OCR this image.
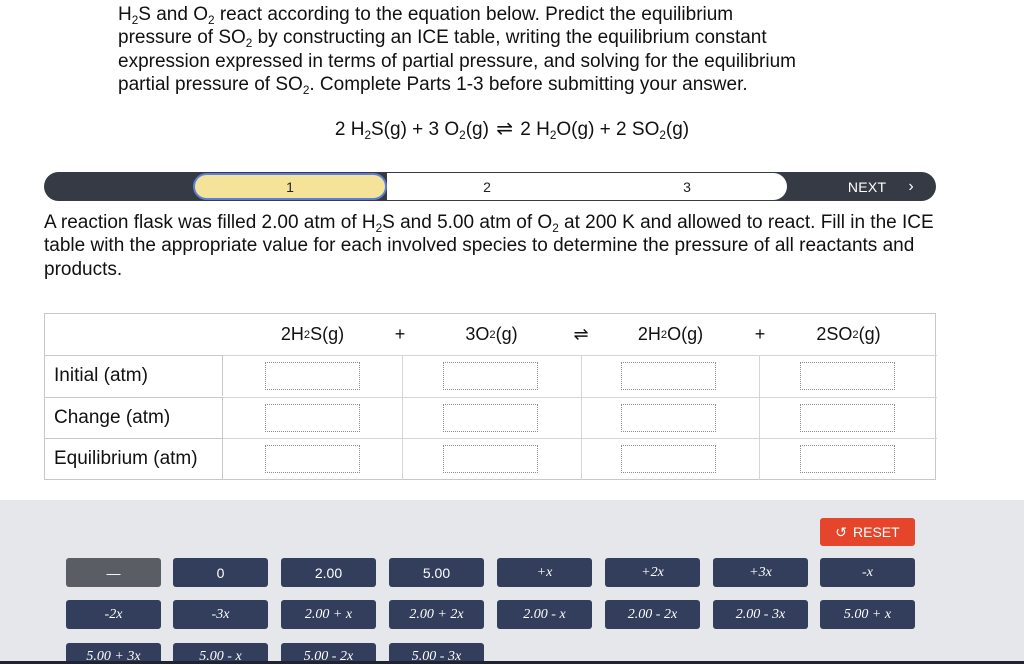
$H_2S$ and $O_2$ react according to the equation below. Predict the equilibrium
pressure of $SO_2$ by constructing an ICE table, writing the equilibrium constant
expression expressed in terms of partial pressure, and solving for the equilibrium
partial pressure of $SO_2$. Complete Parts 1-3 before submitting your answer.
2 $H_2S(g) + 3$ $O_2(g)$ ⇌ 2 $H_2O(g) + 2$ $SO_2(g)$
2	3
1	NEXT ›
A reaction flask was filled 2.00 atm of $H_2S$ and 5.00 atm of $O_2$ at 200 K and allowed to react. Fill in the ICE table with the appropriate value for each involved species to determine the pressure of all reactants and products.
2H 2 S(g)	+	3O 2 (g)	⇌	2H 2 O(g)	+	2SO 2 (g)
Initial (atm)
Change (atm)
Equilibrium (atm)
↺ RESET
—	0	2.00	5.00	+x	+2x	+3x	-x
-2x	-3x	2.00 + x	2.00 + 2x	2.00 - x	2.00 - 2x	2.00 - 3x	5.00 + x
5.00 + 3x	5.00 - x	5.00 - 2x	5.00 - 3x
